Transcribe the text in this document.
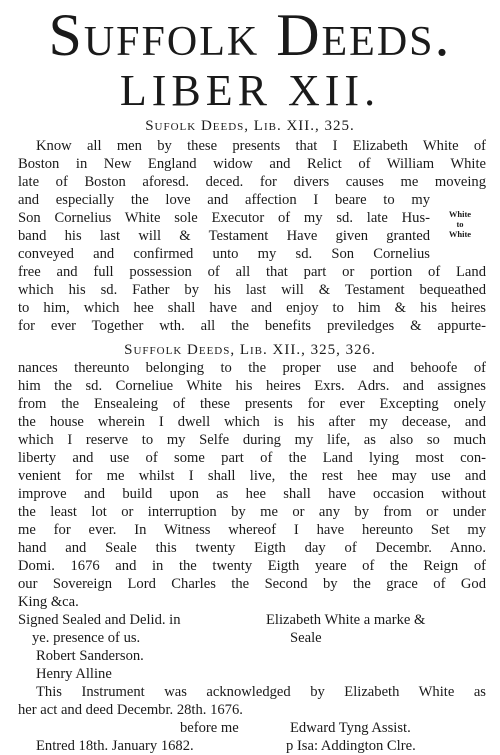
Suffolk Deeds.
LIBER XII.
Sufolk Deeds, Lib. XII., 325.
Know all men by these presents that I Elizabeth White of
Boston in New England widow and Relict of William White
late of Boston aforesd. deced. for divers causes me moveing
and especially the love and affection I beare to my
Son Cornelius White sole Executor of my sd. late Hus-
band his last will & Testament Have given granted
conveyed and confirmed unto my sd. Son Cornelius
free and full possession of all that part or portion of Land
which his sd. Father by his last will & Testament bequeathed
to him, which hee shall have and enjoy to him & his heires
for ever Together wth. all the benefits previledges & appurte-
White
to
White
Suffolk Deeds, Lib. XII., 325, 326.
nances thereunto belonging to the proper use and behoofe of
him the sd. Corneliue White his heires Exrs. Adrs. and assignes
from the Ensealeing of these presents for ever Excepting onely
the house wherein I dwell which is his after my decease, and
which I reserve to my Selfe during my life, as also so much
liberty and use of some part of the Land lying most con-
venient for me whilst I shall live, the rest hee may use and
improve and build upon as hee shall have occasion without
the least lot or interruption by me or any by from or under
me for ever. In Witness whereof I have hereunto Set my
hand and Seale this twenty Eigth day of Decembr. Anno.
Domi. 1676 and in the twenty Eigth yeare of the Reign of
our Sovereign Lord Charles the Second by the grace of God
King &ca.
Signed Sealed and Delid. in	Elizabeth White a marke &
ye. presence of us.	Seale
Robert Sanderson.
Henry Alline
This Instrument was acknowledged by Elizabeth White as
her act and deed Decembr. 28th. 1676.
before me	Edward Tyng Assist.
Entred 18th. January 1682.	p Isa: Addington Clre.
